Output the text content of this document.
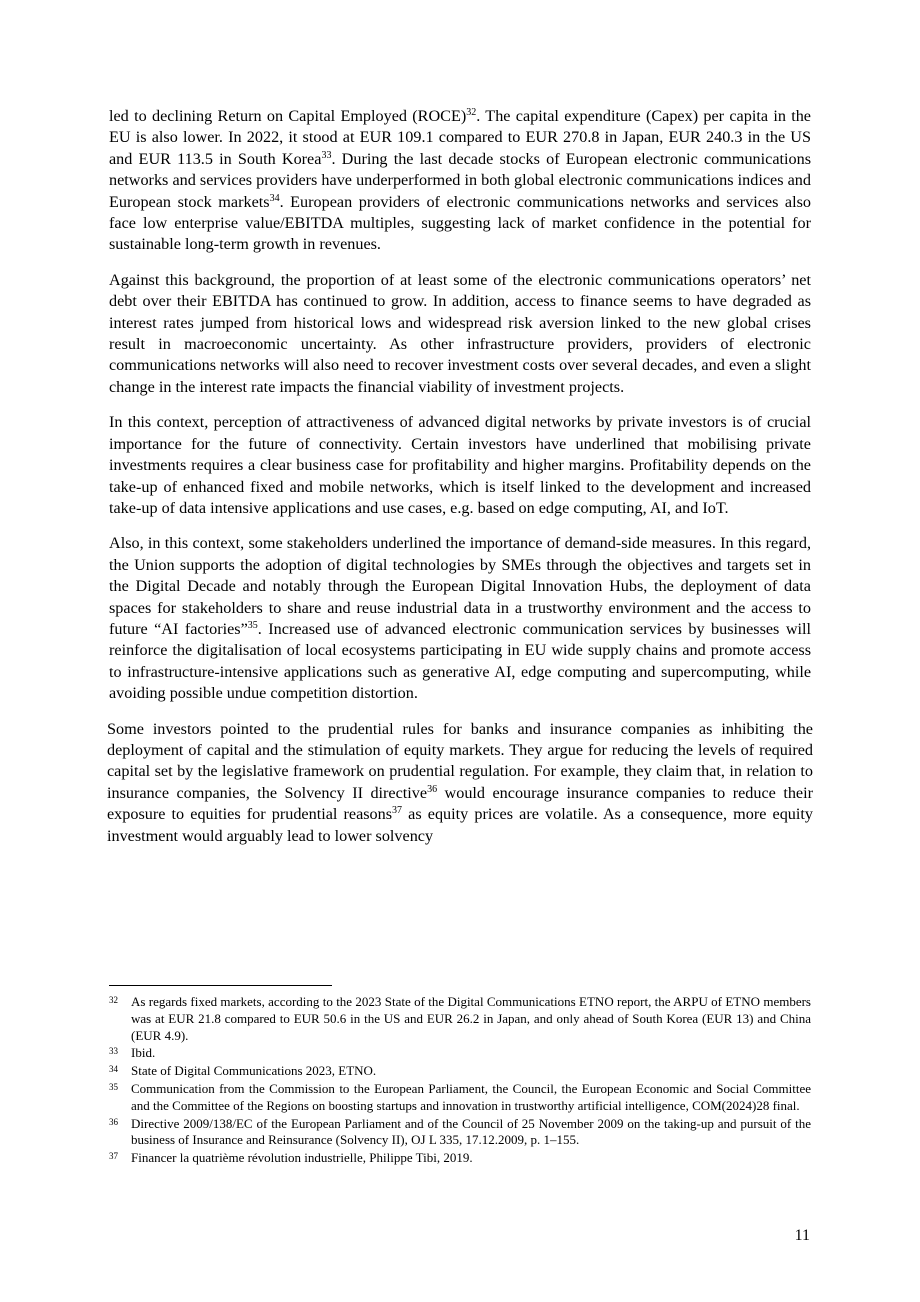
led to declining Return on Capital Employed (ROCE)$^{32}$. The capital expenditure (Capex) per capita in the EU is also lower. In 2022, it stood at EUR 109.1 compared to EUR 270.8 in Japan, EUR 240.3 in the US and EUR 113.5 in South Korea$^{33}$. During the last decade stocks of European electronic communications networks and services providers have underperformed in both global electronic communications indices and European stock markets$^{34}$. European providers of electronic communications networks and services also face low enterprise value/EBITDA multiples, suggesting lack of market confidence in the potential for sustainable long-term growth in revenues.

Against this background, the proportion of at least some of the electronic communications operators’ net debt over their EBITDA has continued to grow. In addition, access to finance seems to have degraded as interest rates jumped from historical lows and widespread risk aversion linked to the new global crises result in macroeconomic uncertainty. As other infrastructure providers, providers of electronic communications networks will also need to recover investment costs over several decades, and even a slight change in the interest rate impacts the financial viability of investment projects.

In this context, perception of attractiveness of advanced digital networks by private investors is of crucial importance for the future of connectivity. Certain investors have underlined that mobilising private investments requires a clear business case for profitability and higher margins. Profitability depends on the take-up of enhanced fixed and mobile networks, which is itself linked to the development and increased take-up of data intensive applications and use cases, e.g. based on edge computing, AI, and IoT.

Also, in this context, some stakeholders underlined the importance of demand-side measures. In this regard, the Union supports the adoption of digital technologies by SMEs through the objectives and targets set in the Digital Decade and notably through the European Digital Innovation Hubs, the deployment of data spaces for stakeholders to share and reuse industrial data in a trustworthy environment and the access to future “AI factories”$^{35}$. Increased use of advanced electronic communication services by businesses will reinforce the digitalisation of local ecosystems participating in EU wide supply chains and promote access to infrastructure-intensive applications such as generative AI, edge computing and supercomputing, while avoiding possible undue competition distortion.

Some investors pointed to the prudential rules for banks and insurance companies as inhibiting the deployment of capital and the stimulation of equity markets. They argue for reducing the levels of required capital set by the legislative framework on prudential regulation. For example, they claim that, in relation to insurance companies, the Solvency II directive$^{36}$ would encourage insurance companies to reduce their exposure to equities for prudential reasons$^{37}$ as equity prices are volatile. As a consequence, more equity investment would arguably lead to lower solvency

32 As regards fixed markets, according to the 2023 State of the Digital Communications ETNO report, the ARPU of ETNO members was at EUR 21.8 compared to EUR 50.6 in the US and EUR 26.2 in Japan, and only ahead of South Korea (EUR 13) and China (EUR 4.9).
33 Ibid.
34 State of Digital Communications 2023, ETNO.
35 Communication from the Commission to the European Parliament, the Council, the European Economic and Social Committee and the Committee of the Regions on boosting startups and innovation in trustworthy artificial intelligence, COM(2024)28 final.
36 Directive 2009/138/EC of the European Parliament and of the Council of 25 November 2009 on the taking-up and pursuit of the business of Insurance and Reinsurance (Solvency II), OJ L 335, 17.12.2009, p. 1–155.
37 Financer la quatrième révolution industrielle, Philippe Tibi, 2019.
11
